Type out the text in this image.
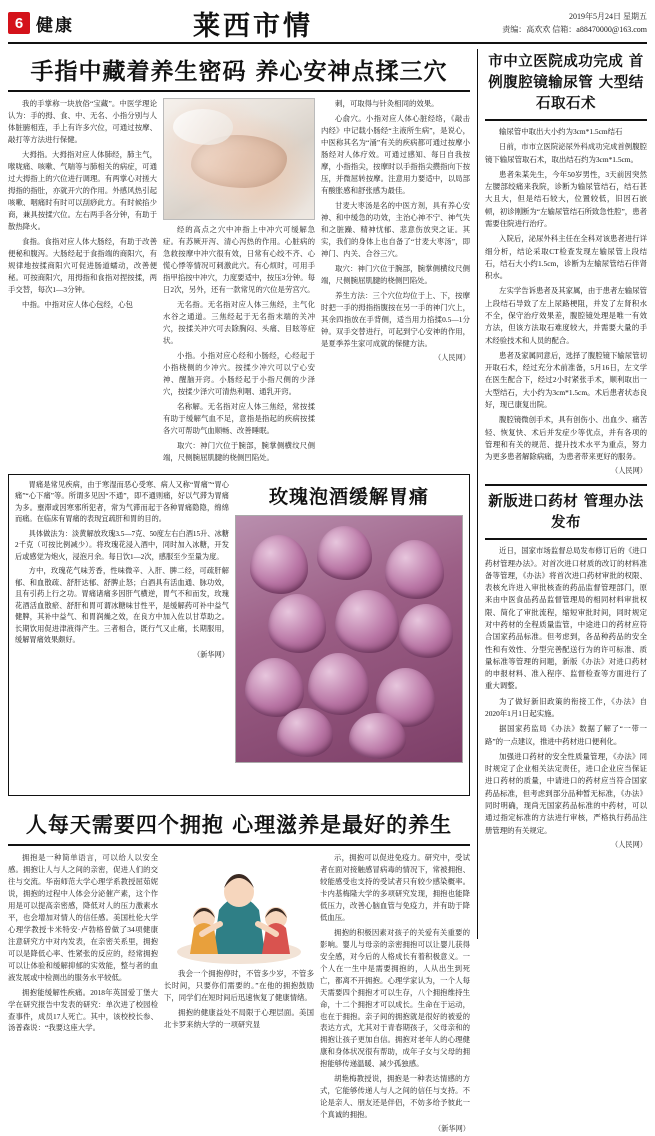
6 健康	莱西市情	2019年5月24日 星期五
责编：高欢欢 信箱：a88470000@163.com
手指中藏着养生密码 养心安神点揉三穴

我的手掌称一块放俗“宝藏”。中医学理论认为：手的拇、食、中、无名、小指分别与人体脏腑相连，手上有许多穴位，可通过按摩、敲打等方法进行保健。

大拇指。大拇指对应人体肺经，肺主气，喉咙痛、咳嗽、气喘等与肺相关的病症，可通过大拇指上的穴位进行调理。有两掌心对搓大拇指的指肚，亦就开穴的作用。外感风热引起咳嗽、咽痛时有时可以刮痧此方。有时候掐少商，兼具按揉穴位。左右两手各分钟，有助于散热降火。

食指。食指对应人体大肠经，有助于改善便秘和腹泻。大肠经起于食指端的商阳穴，有规律地按揉商阳穴可促进肠道蠕动，改善便秘。可按商阳穴，用拇指和食指对捏按揉，两手交替，每次1—3分钟。

中指。中指对应人体心包经，心包

经的高点之穴中冲指上中冲穴可缓解急症。有苏厥开泻、清心泻热的作用。心脏病的急救按摩中冲穴很有效，日常有心绞不齐、心慌心悸等情况可刺激此穴。有心烦时，可用手指甲掐按中冲穴，力度要适中，按压3分钟。每日2次，另外，还有一款常见的穴位是劳宫穴。

无名指。无名指对应人体三焦经，主气化水谷之通道。三焦经起于无名指末端的关冲穴，按揉关冲穴可去除胸闷、头痛、目眩等症状。

小指。小指对应心经和小肠经，心经起于小指桡侧的少冲穴。按揉少冲穴可以宁心安神、醒脑开窍。小肠经起于小指尺侧的少泽穴，按揉少泽穴可清热利咽、通乳开窍。

名称解。无名指对应人体三焦经，常按揉有助于缓解气血不足，意指是指起的疾病按揉各穴可帮助气血顺畅、改善睡眠。

取穴：神门穴位于腕部，腕掌侧横纹尺侧端，尺侧腕屈肌腱的桡侧凹陷处。

刺，可取得与针灸相同的效果。

心俞穴。小指对应人体心脏经络，《敲击内经》中记载小肠经“主液所生病”，是说心，中医称其名为“涌”有关的疾病都可通过按摩小肠经对人体疗效。可通过感知、每日自我按摩，小指指尖，按摩时以手指指尖攒指向下按压，并微屈转按摩。注意用力要适中，以局部有酸胀感和舒张感为最佳。

甘麦大枣汤是名的中医方剂，具有养心安神、和中缓急的功效，主治心神不宁、神气失和之脏躁、精神忧郁、悲意伤放突之证。其实，我们的身体上也自备了“甘麦大枣汤”，即神门、内关、合谷三穴。

取穴：神门穴位于腕部，腕掌侧横纹尺侧端，尺侧腕屈肌腱的桡侧凹陷处。

养生方法：三个穴位均位于上、下，按摩时把一手的拇指指腹按在另一手的神门穴上，其余四指放在手背侧，适当用力掐揉0.5—1分钟。双手交替进行，可起到宁心安神的作用，是夏季养生家可成就的保健方法。

（人民网）

胃痛是常见疾病，由于寒湿而恶心受寒、病人又称“胃痛”“胃心痛”“心下痛”等。所谓多见因“不通”，即不通则痛，好以气滞为胃痛为多。壅滞或因寒邪所犯者，常为气滞而起于各种胃痛隐隐，绵绵而痛。在临床有胃痛的表现宜疏肝和胃的目的。

具体做法为：淡黄解放玫瑰3.5—7克、50度左右白酒15升、冰糖2千克（可按比例减少）。将玫瑰花浸入酒中，同时加入冰糖，开发后或感觉为炮火，浸泡月余。每日饮1—2次，感服至少至量为度。

方中，玫瑰花气味芳香，性味微辛、入肝、脾二经，可疏肝解郁、和血散疏、舒肝达郁、舒脾止怒；白酒具有活血通、脉功效，且有引药上行之功。胃痛诸痛多因肝气横逆，胃气不和而发，玫瑰花酒活血散瘀、舒肝和胃可谓冰糖味甘性平，是缓解药可补中益气健脾，其补中益气、和胃润燥之效，在良方中加入佐以甘草助之。长期饮用促进津液得产生。三者相合，既行气又止痛，长期服用，缓解胃痛效果颇好。

（新华网）
玫瑰泡酒缓解胃痛
人每天需要四个拥抱 心理滋养是最好的养生

拥抱是一种简单语言，可以给人以安全感。拥抱让人与人之间的亲密，促进人们的交往与交流。华南师范大学心理学系教授屈茹妮说，拥抱的过程中人体会分泌催产素，这个作用是可以提高亲密感，降低对人的压力激素水平，也会增加对情人的信任感。美国杜伦大学心理学教授卡米特安·卢勃格曾做了34项健康注意研究方中对内发表，在亲密关系里，拥抱可以是降低心率、性紧张的反应的，经常拥抱可以让体验和缓解抑郁的实效能，整与者的血液发展或中检测出的服务水平较低。

拥抱能缓解性疾痛。2018年英国爱丁堡大学在研究报告中发表的研究：单次进了校园检查事件，成员17人死亡。其中，该校校长参、汤普森说：“我要这座大学。

我会一个拥抱停时，不管多少岁，不管多长时间，只要你们需要的。”在他的拥抱鼓励下，同学们在短时间后迅速恢复了健康情绪。

拥抱的健康益处不局限于心理层面。美国北卡罗来纳大学的一项研究显

示，拥抱可以促进免疫力。研究中，受试者在面对接触感冒病毒的情况下，常被拥抱、较能感受也支持的受试者只有较少感染概率。卡内基梅隆大学的多项研究发现，拥抱也能降低压力，改善心脑血管与免疫力，并有助于降低血压。

拥抱的积极因素对孩子的关爱有关重要的影响。婴儿与母亲的亲密拥抱可以让婴儿获得安全感，对今后的人格成长有着积极意义。一个人在一生中是需要拥抱的，人从出生到死亡，都离不开拥抱。心理学家认为，一个人每天需要四个拥抱才可以生存，八个拥抱维持生命，十二个拥抱才可以成长。生命在于运动，也在于拥抱。亲子间的拥抱就是很好的被爱的表达方式，尤其对于青春期孩子，父母亲和的拥抱让孩子更加自信。拥抱对老年人的心理健康和身体状况很有帮助，成年子女与父母的拥抱能够传递温暖、减少孤独感。

胡艳梅教授说，拥抱是一种表达情感的方式，它能够传递人与人之间的信任与支持。不论是亲人、朋友还是伴侣，不妨多给予彼此一个真诚的拥抱。

（新华网）
市中立医院成功完成 首例腹腔镜输尿管 大型结石取石术

输尿管中取出大小约为3cm*1.5cm结石

日前，市市立医院泌尿外科成功完成首例腹腔镜下输尿管取石术，取出结石约为3cm*1.5cm。

患者朱某先生，今年50岁男性，3天前因突然左腰部绞痛来我院，诊断为输尿管结石，结石甚大且大，但是结石较大，位置较低，旧因石嵌顿，初诊刚断为“左输尿管结石所致急性腔”，患者需要住院进行治疗。

入院后，泌尿外科主任在全科对该患者进行详细分析，结论采取CT检查发现左输尿管上段结石，结石大小约1.5cm，诊断为左输尿管结石伴肾积水。

左实学告诉患者及其家属，由于患者左输尿管上段结石导致了左上尿路梗阻，并发了左肾积水不全，保守治疗效果差，腹腔镜处理是唯一有效方法，但该方法取石难度较大，并需要大量的手术经验技术和人员的配合。

患者及家属同意后，选择了腹腔镜下输尿管切开取石术，经过充分术前准备，5月16日，左文学在医生配合下，经过2小时紧张手术，顺利取出一大型结石，大小约为3cm*1.5cm。术后患者状态良好，现已康复出院。

腹腔镜微创手术，具有创伤小、出血少、痛苦轻、恢复快、术后并发症少等优点，并有各项的管理和有关的规范、提升技术水平为重点，努力为更多患者解除病痛，为患者带来更好的服务。

（人民网）
新版进口药材 管理办法发布

近日，国家市场监督总局发布修订后的《进口药材管理办法》。对首次进口材质的改订的材料准备等管理，《办法》将首次进口药材审批的权限、表核允许进入审批核查的药品监督管理部门，原来由中医食品药品监督管理局的相同材料审批权限、简化了审批流程，缩短审批时间，同时规定对中药材的全程质量监管，中途进口的药材应符合国家药品标准。但考虑到，各品种药品的安全性和有效性、分型完善配送行为的许可标准、质量标准等管理的问题，新版《办法》对进口药材的申报材料、准入程序、监督检查等方面进行了重大调整。

为了做好新旧政策的衔接工作，《办法》自2020年1月1日起实施。

据国家药监局《办法》数据了解了“一带一路”的一点建议，推进中药材进口便利化。

加强进口药材的安全性质量管理，《办法》同时规定了企业相关法定责任，进口企业应当保证进口药材的质量，中请进口的药材应当符合国家药品标准，但考虑到部分品种暂无标准，《办法》同时明确，现尚无国家药品标准的中药材，可以通过指定标准的方法进行审核，严格执行药品注册管理的有关规定。

（人民网）
